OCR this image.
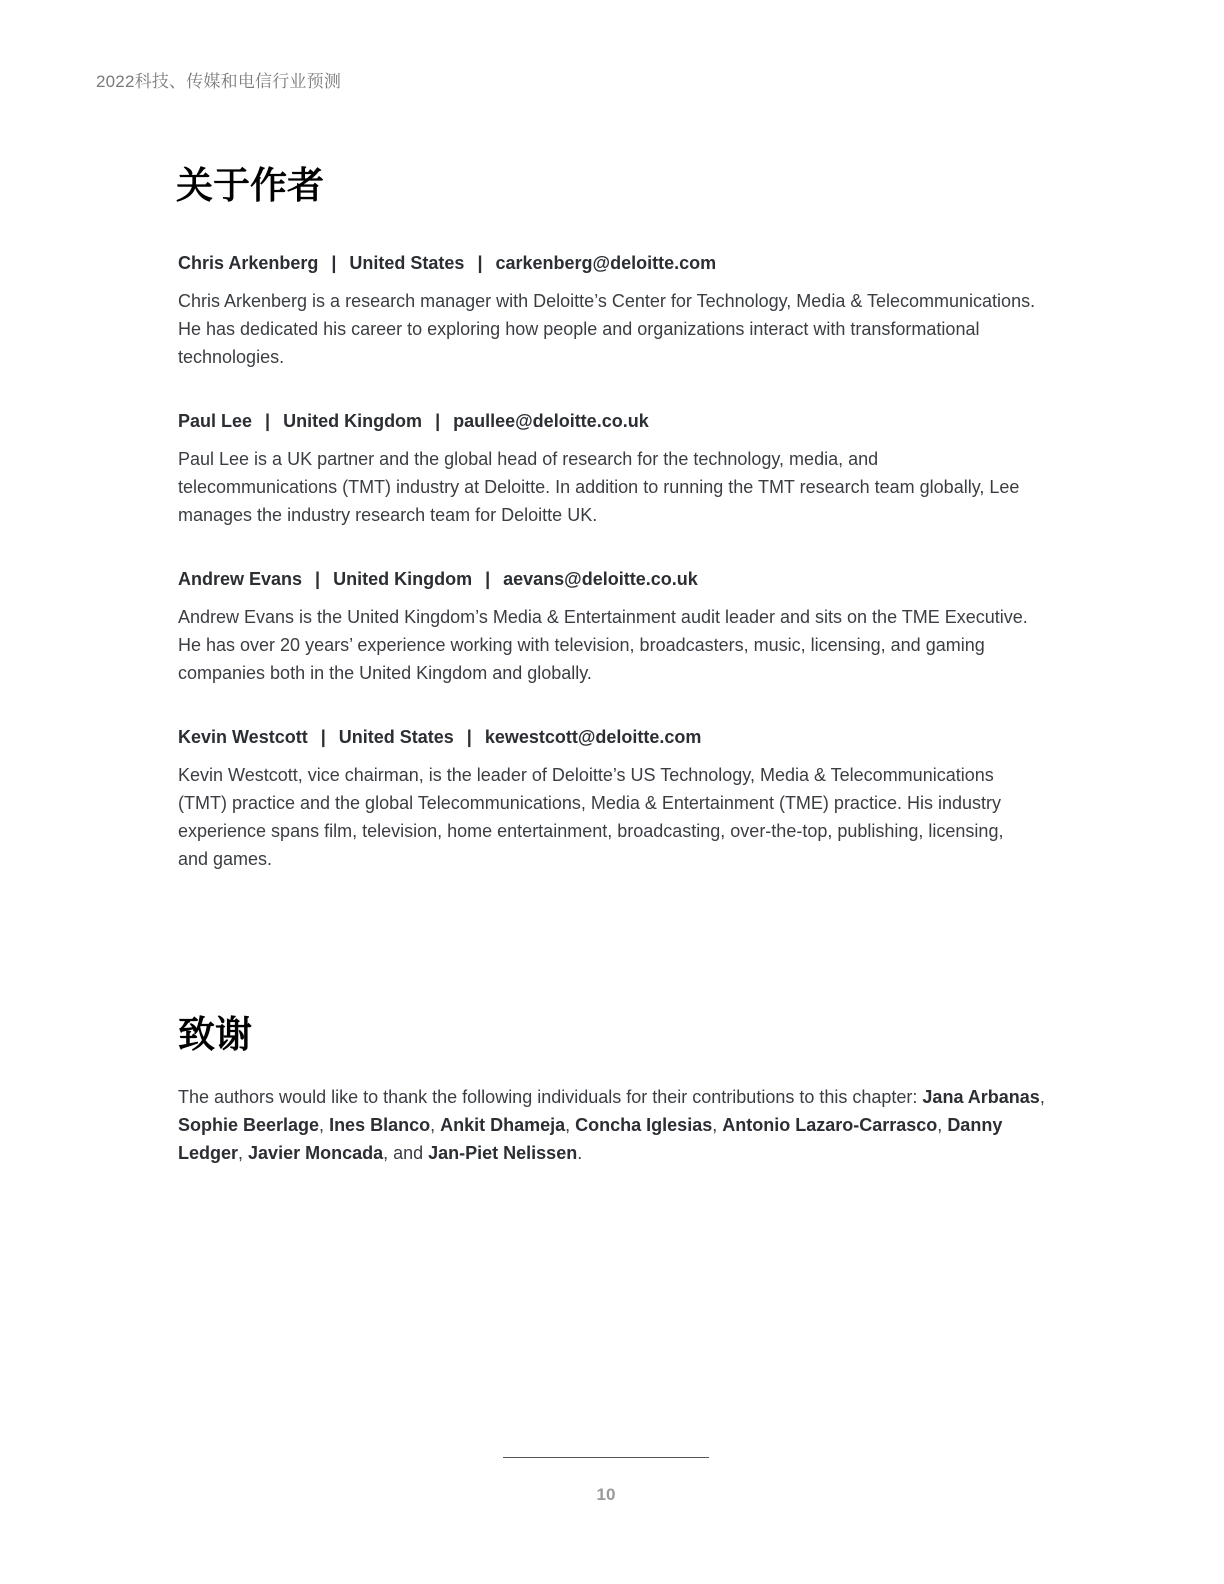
2022科技、传媒和电信行业预测
关于作者
Chris Arkenberg | United States | carkenberg@deloitte.com
Chris Arkenberg is a research manager with Deloitte’s Center for Technology, Media & Telecommunications. He has dedicated his career to exploring how people and organizations interact with transformational technologies.
Paul Lee | United Kingdom | paullee@deloitte.co.uk
Paul Lee is a UK partner and the global head of research for the technology, media, and telecommunications (TMT) industry at Deloitte. In addition to running the TMT research team globally, Lee manages the industry research team for Deloitte UK.
Andrew Evans | United Kingdom | aevans@deloitte.co.uk
Andrew Evans is the United Kingdom’s Media & Entertainment audit leader and sits on the TME Executive. He has over 20 years’ experience working with television, broadcasters, music, licensing, and gaming companies both in the United Kingdom and globally.
Kevin Westcott | United States | kewestcott@deloitte.com
Kevin Westcott, vice chairman, is the leader of Deloitte’s US Technology, Media & Telecommunications (TMT) practice and the global Telecommunications, Media & Entertainment (TME) practice. His industry experience spans film, television, home entertainment, broadcasting, over-the-top, publishing, licensing, and games.
致谢
The authors would like to thank the following individuals for their contributions to this chapter: Jana Arbanas, Sophie Beerlage, Ines Blanco, Ankit Dhameja, Concha Iglesias, Antonio Lazaro-Carrasco, Danny Ledger, Javier Moncada, and Jan-Piet Nelissen.
10
